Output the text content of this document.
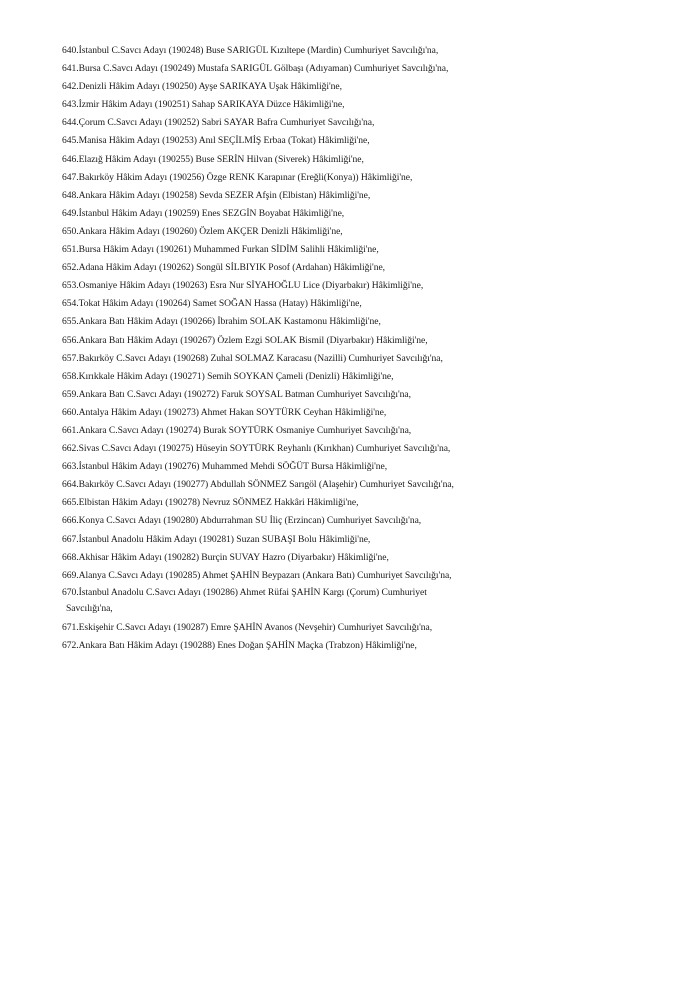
640.İstanbul C.Savcı Adayı (190248) Buse SARIGÜL Kızıltepe (Mardin) Cumhuriyet Savcılığı'na,
641.Bursa C.Savcı Adayı (190249) Mustafa SARIGÜL Gölbaşı (Adıyaman) Cumhuriyet Savcılığı'na,
642.Denizli Hâkim Adayı (190250) Ayşe SARIKAYA Uşak Hâkimliği'ne,
643.İzmir Hâkim Adayı (190251) Sahap SARIKAYA Düzce Hâkimliği'ne,
644.Çorum C.Savcı Adayı (190252) Sabri SAYAR Bafra Cumhuriyet Savcılığı'na,
645.Manisa Hâkim Adayı (190253) Anıl SEÇİLMİŞ Erbaa (Tokat) Hâkimliği'ne,
646.Elazığ Hâkim Adayı (190255) Buse SERİN Hilvan (Siverek) Hâkimliği'ne,
647.Bakırköy Hâkim Adayı (190256) Özge RENK Karapınar (Ereğli(Konya)) Hâkimliği'ne,
648.Ankara Hâkim Adayı (190258) Sevda SEZER Afşin (Elbistan) Hâkimliği'ne,
649.İstanbul Hâkim Adayı (190259) Enes SEZGİN Boyabat Hâkimliği'ne,
650.Ankara Hâkim Adayı (190260) Özlem AKÇER Denizli Hâkimliği'ne,
651.Bursa Hâkim Adayı (190261) Muhammed Furkan SİDİM Salihli Hâkimliği'ne,
652.Adana Hâkim Adayı (190262) Songül SİLBIYIK Posof (Ardahan) Hâkimliği'ne,
653.Osmaniye Hâkim Adayı (190263) Esra Nur SİYAHOĞLU Lice (Diyarbakır) Hâkimliği'ne,
654.Tokat Hâkim Adayı (190264) Samet SOĞAN Hassa (Hatay) Hâkimliği'ne,
655.Ankara Batı Hâkim Adayı (190266) İbrahim SOLAK Kastamonu Hâkimliği'ne,
656.Ankara Batı Hâkim Adayı (190267) Özlem Ezgi SOLAK Bismil (Diyarbakır) Hâkimliği'ne,
657.Bakırköy C.Savcı Adayı (190268) Zuhal SOLMAZ Karacasu (Nazilli) Cumhuriyet Savcılığı'na,
658.Kırıkkale Hâkim Adayı (190271) Semih SOYKAN Çameli (Denizli) Hâkimliği'ne,
659.Ankara Batı C.Savcı Adayı (190272) Faruk SOYSAL Batman Cumhuriyet Savcılığı'na,
660.Antalya Hâkim Adayı (190273) Ahmet Hakan SOYTÜRK Ceyhan Hâkimliği'ne,
661.Ankara C.Savcı Adayı (190274) Burak SOYTÜRK Osmaniye Cumhuriyet Savcılığı'na,
662.Sivas C.Savcı Adayı (190275) Hüseyin SOYTÜRK Reyhanlı (Kırıkhan) Cumhuriyet Savcılığı'na,
663.İstanbul Hâkim Adayı (190276) Muhammed Mehdi SÖĞÜT Bursa Hâkimliği'ne,
664.Bakırköy C.Savcı Adayı (190277) Abdullah SÖNMEZ Sarıgöl (Alaşehir) Cumhuriyet Savcılığı'na,
665.Elbistan Hâkim Adayı (190278) Nevruz SÖNMEZ Hakkâri Hâkimliği'ne,
666.Konya C.Savcı Adayı (190280) Abdurrahman SU İliç (Erzincan) Cumhuriyet Savcılığı'na,
667.İstanbul Anadolu Hâkim Adayı (190281) Suzan SUBAŞI Bolu Hâkimliği'ne,
668.Akhisar Hâkim Adayı (190282) Burçin SUVAY Hazro (Diyarbakır) Hâkimliği'ne,
669.Alanya C.Savcı Adayı (190285) Ahmet ŞAHİN Beypazarı (Ankara Batı) Cumhuriyet Savcılığı'na,
670.İstanbul Anadolu C.Savcı Adayı (190286) Ahmet Rüfai ŞAHİN Kargı (Çorum) Cumhuriyet
Savcılığı'na,
671.Eskişehir C.Savcı Adayı (190287) Emre ŞAHİN Avanos (Nevşehir) Cumhuriyet Savcılığı'na,
672.Ankara Batı Hâkim Adayı (190288) Enes Doğan ŞAHİN Maçka (Trabzon) Hâkimliği'ne,
